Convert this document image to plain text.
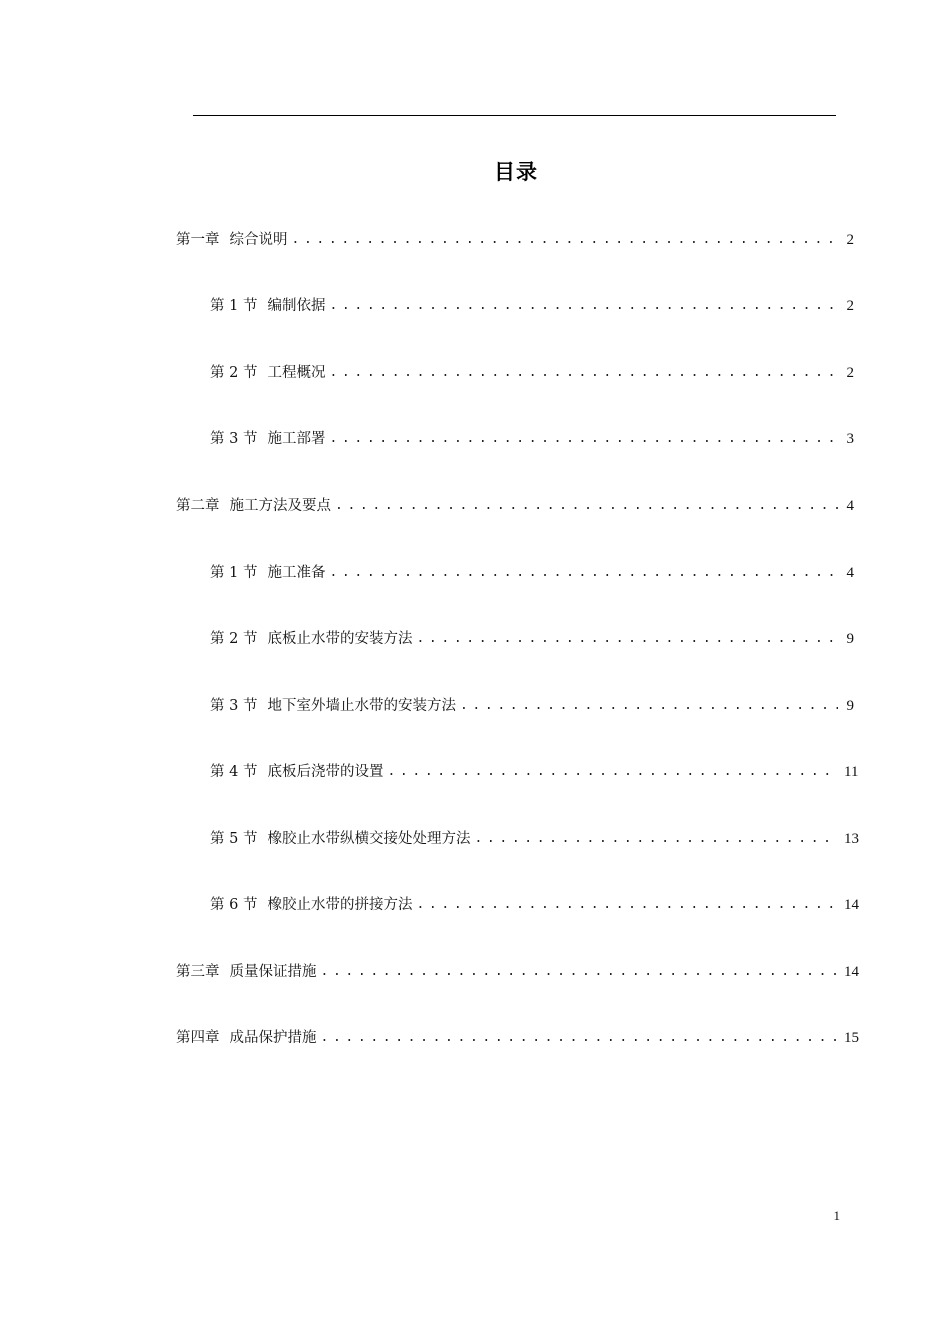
目录
第一章 综合说明 . . .	2
第 1 节 编制依据 . . .	2
第 2 节 工程概况 . . .	2
第 3 节 施工部署 . . .	3
第二章 施工方法及要点 . . .	4
第 1 节 施工准备 . . .	4
第 2 节 底板止水带的安装方法 . . .	9
第 3 节 地下室外墙止水带的安装方法 . . .	9
第 4 节 底板后浇带的设置 . . .	11
第 5 节 橡胶止水带纵横交接处处理方法 . . .	13
第 6 节 橡胶止水带的拼接方法 . . .	14
第三章 质量保证措施 . . .	14
第四章 成品保护措施 . . .	15
1
